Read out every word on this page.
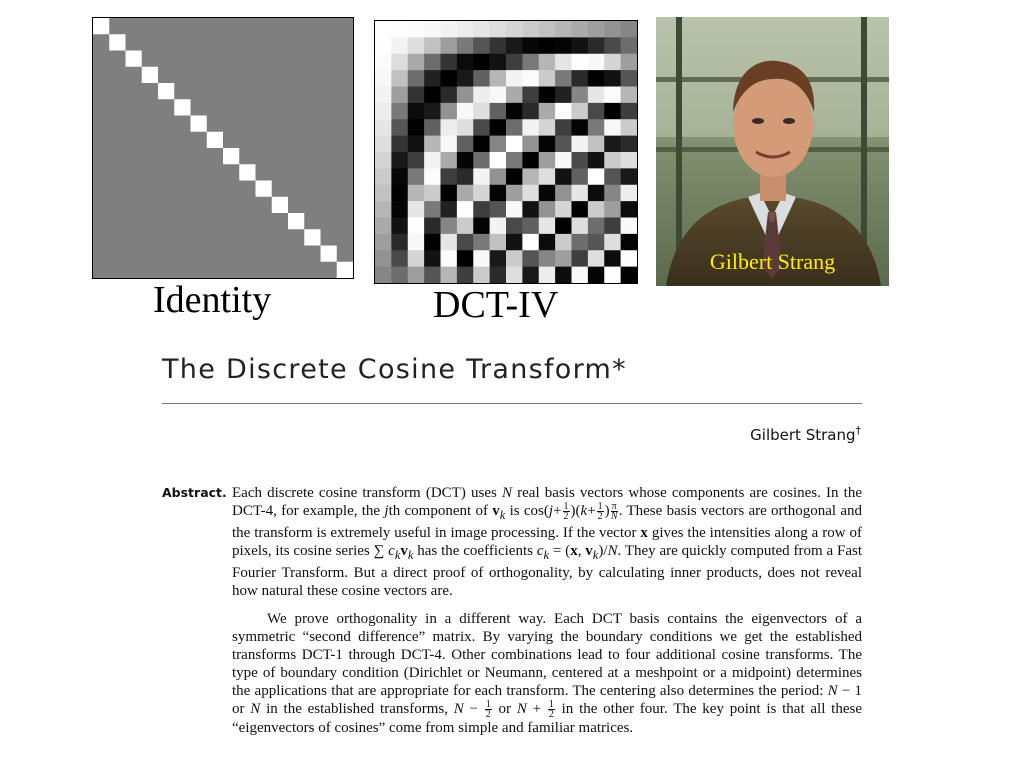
Identity	DCT-IV
Gilbert Strang
The Discrete Cosine Transform*
Gilbert Strang†
Abstract. Each discrete cosine transform (DCT) uses N real basis vectors whose components are cosines. In the DCT-4, for example, the jth component of $v_k$ is $\cos(j+ \frac{1}{2} )(k+ \frac{1}{2}$ ) $\frac{\pi}{N}$ . These basis vectors are orthogonal and the transform is extremely useful in image processing. If the vector x gives the intensities along a row of pixels, its cosine series ∑ $c_kv_k$ has the coefficients $c_k = (x$, $v_k)/N$. They are quickly computed from a Fast Fourier Transform. But a direct proof of orthogonality, by calculating inner products, does not reveal how natural these cosine vectors are.
We prove orthogonality in a different way. Each DCT basis contains the eigenvectors of a symmetric “second difference” matrix. By varying the boundary conditions we get the established transforms DCT-1 through DCT-4. Other combinations lead to four additional cosine transforms. The type of boundary condition (Dirichlet or Neumann, centered at a meshpoint or a midpoint) determines the applications that are appropriate for each transform. The centering also determines the period: N − 1 or N in the established transforms, $N - \frac{1}{2}$ or $N + \frac{1}{2}$ in the other four. The key point is that all these “eigenvectors of cosines” come from simple and familiar matrices.
